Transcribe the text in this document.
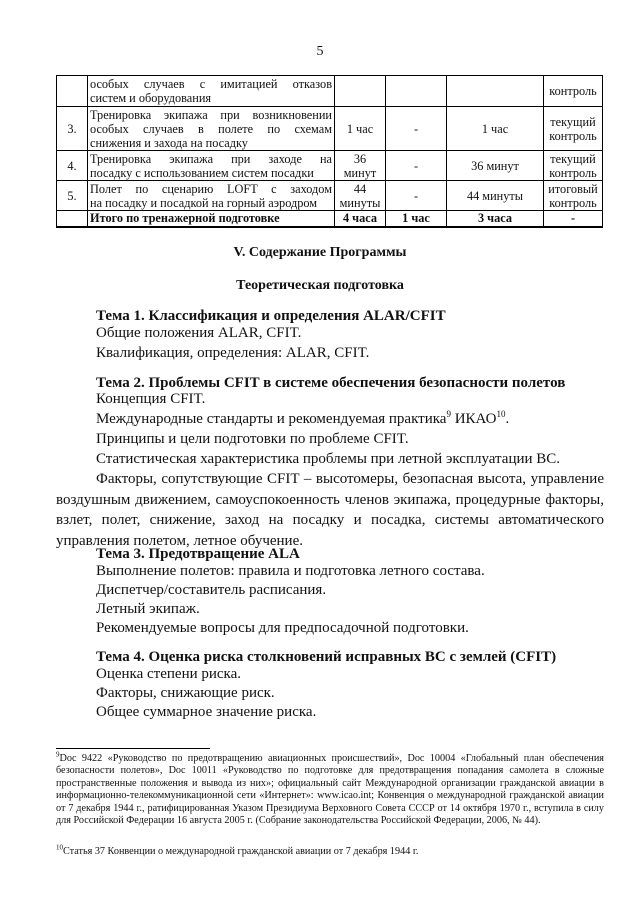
5

	особых случаев с имитацией отказов
систем и оборудования				контроль
3.	Тренировка экипажа при возникновении
особых случаев в полете по схемам
снижения и захода на посадку	1 час	-	1 час	текущий контроль
4.	Тренировка экипажа при заходе на
посадку с использованием систем посадки	36 минут	-	36 минут	текущий контроль
5.	Полет по сценарию LOFT с заходом
на посадку и посадкой на горный аэродром	44 минуты	-	44 минуты	итоговый контроль
	Итого по тренажерной подготовке	4 часа	1 час	3 часа	-
V. Содержание Программы
Теоретическая подготовка
Тема 1. Классификация и определения ALAR/CFIT
Общие положения ALAR, CFIT.
Квалификация, определения: ALAR, CFIT.
Тема 2. Проблемы CFIT в системе обеспечения безопасности полетов
Концепция CFIT.
Международные стандарты и рекомендуемая практика$^9$ ИКАО$^{10}$.
Принципы и цели подготовки по проблеме CFIT.
Статистическая характеристика проблемы при летной эксплуатации ВС.
Факторы, сопутствующие CFIT – высотомеры, безопасная высота, управление воздушным движением, самоуспокоенность членов экипажа, процедурные факторы, взлет, полет, снижение, заход на посадку и посадка, системы автоматического управления полетом, летное обучение.
Тема 3. Предотвращение ALA
Выполнение полетов: правила и подготовка летного состава.
Диспетчер/составитель расписания.
Летный экипаж.
Рекомендуемые вопросы для предпосадочной подготовки.
Тема 4. Оценка риска столкновений исправных ВС с землей (CFIT)
Оценка степени риска.
Факторы, снижающие риск.
Общее суммарное значение риска.
$^9$Doc 9422 «Руководство по предотвращению авиационных происшествий», Doc 10004 «Глобальный план обеспечения безопасности полетов», Doc 10011 «Руководство по подготовке для предотвращения попадания самолета в сложные пространственные положения и вывода из них»; официальный сайт Международной организации гражданской авиации в информационно-телекоммуникационной сети «Интернет»: www.icao.int; Конвенция о международной гражданской авиации от 7 декабря 1944 г., ратифицированная Указом Президиума Верховного Совета СССР от 14 октября 1970 г., вступила в силу для Российской Федерации 16 августа 2005 г. (Собрание законодательства Российской Федерации, 2006, № 44).
$^{10}$Статья 37 Конвенции о международной гражданской авиации от 7 декабря 1944 г.
